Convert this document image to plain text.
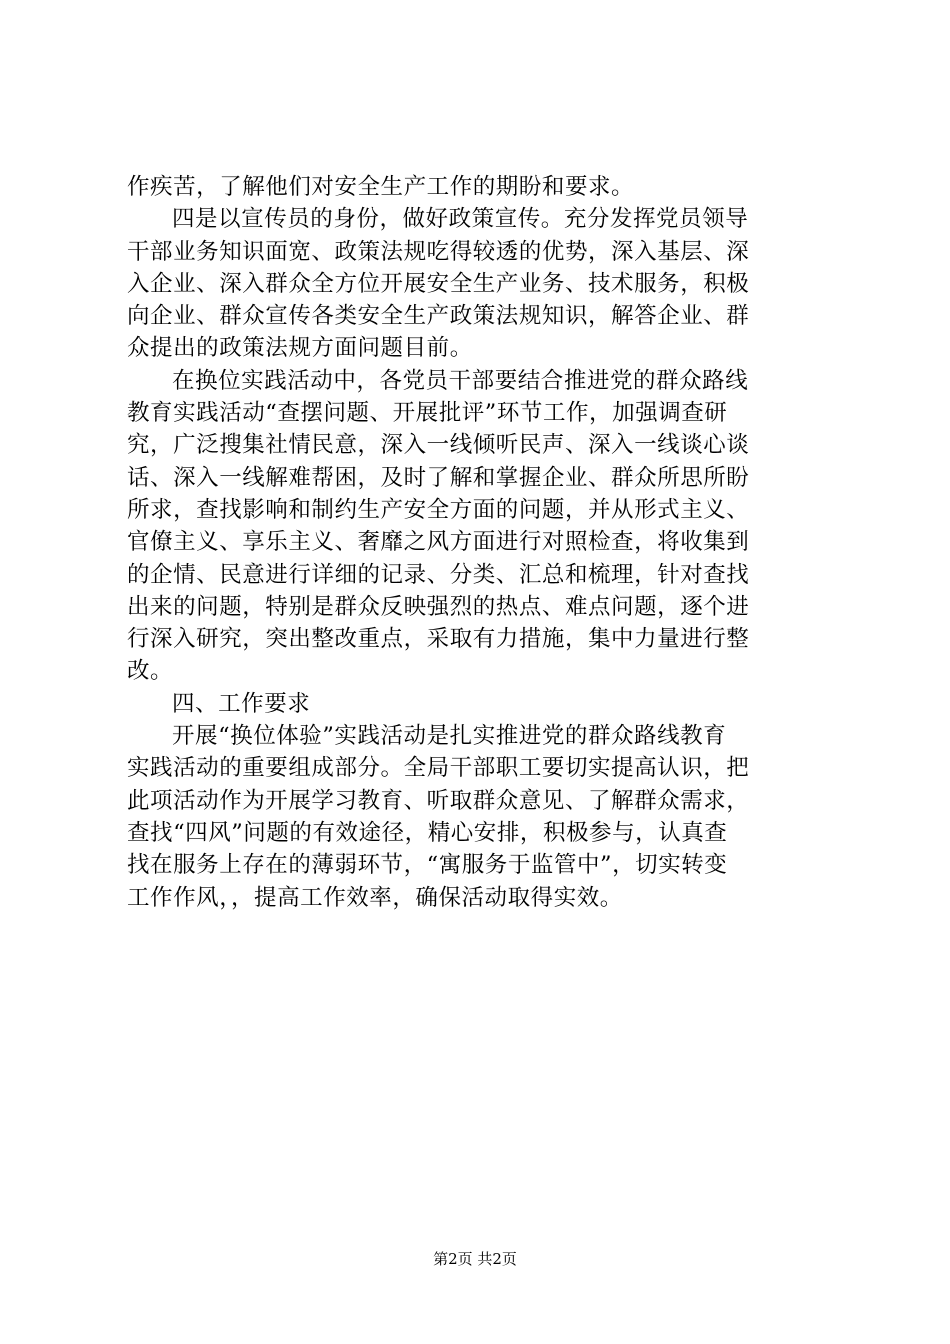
作疾苦，了解他们对安全生产工作的期盼和要求。
四是以宣传员的身份，做好政策宣传。充分发挥党员领导
干部业务知识面宽、政策法规吃得较透的优势，深入基层、深
入企业、深入群众全方位开展安全生产业务、技术服务，积极
向企业、群众宣传各类安全生产政策法规知识，解答企业、群
众提出的政策法规方面问题目前。
在换位实践活动中，各党员干部要结合推进党的群众路线
教育实践活动“查摆问题、开展批评”环节工作，加强调查研
究，广泛搜集社情民意，深入一线倾听民声、深入一线谈心谈
话、深入一线解难帮困，及时了解和掌握企业、群众所思所盼
所求，查找影响和制约生产安全方面的问题，并从形式主义、
官僚主义、享乐主义、奢靡之风方面进行对照检查，将收集到
的企情、民意进行详细的记录、分类、汇总和梳理，针对查找
出来的问题，特别是群众反映强烈的热点、难点问题，逐个进
行深入研究，突出整改重点，采取有力措施，集中力量进行整
改。
四、工作要求
开展“换位体验”实践活动是扎实推进党的群众路线教育
实践活动的重要组成部分。全局干部职工要切实提高认识，把
此项活动作为开展学习教育、听取群众意见、了解群众需求，
查找“四风”问题的有效途径，精心安排，积极参与，认真查
找在服务上存在的薄弱环节，“寓服务于监管中”，切实转变
工作作风，，提高工作效率，确保活动取得实效。
第2页 共2页
